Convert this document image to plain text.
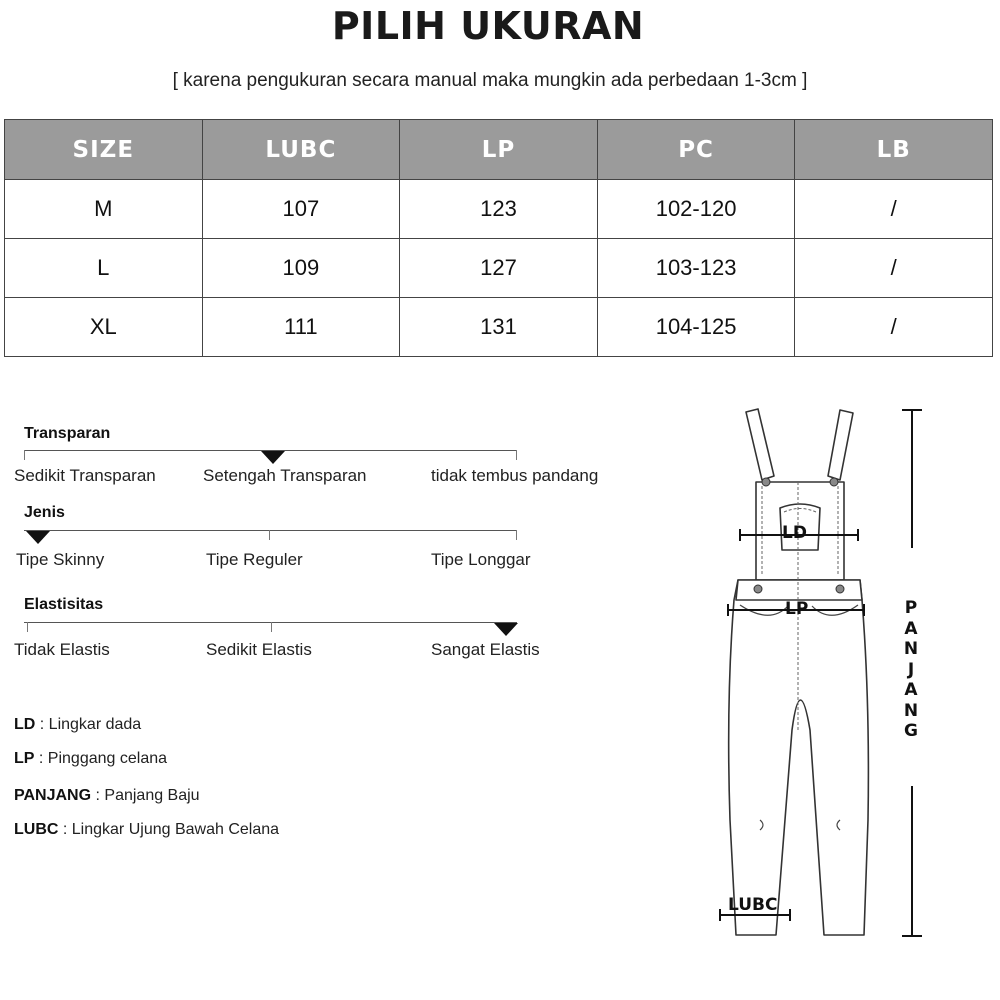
PILIH UKURAN
[ karena pengukuran secara manual maka mungkin ada perbedaan 1-3cm ]
SIZE	LUBC	LP	PC	LB
M	107	123	102-120	/
L	109	127	103-123	/
XL	111	131	104-125	/
Transparan
Sedikit Transparan	Setengah Transparan	tidak tembus pandang
Jenis
Tipe Skinny	Tipe Reguler	Tipe Longgar
Elastisitas
Tidak Elastis	Sedikit Elastis	Sangat Elastis
LD : Lingkar dada
LP : Pinggang celana
PANJANG : Panjang Baju
LUBC : Lingkar Ujung Bawah Celana
LD
LP
LUBC
P
A
N
J
A
N
G
